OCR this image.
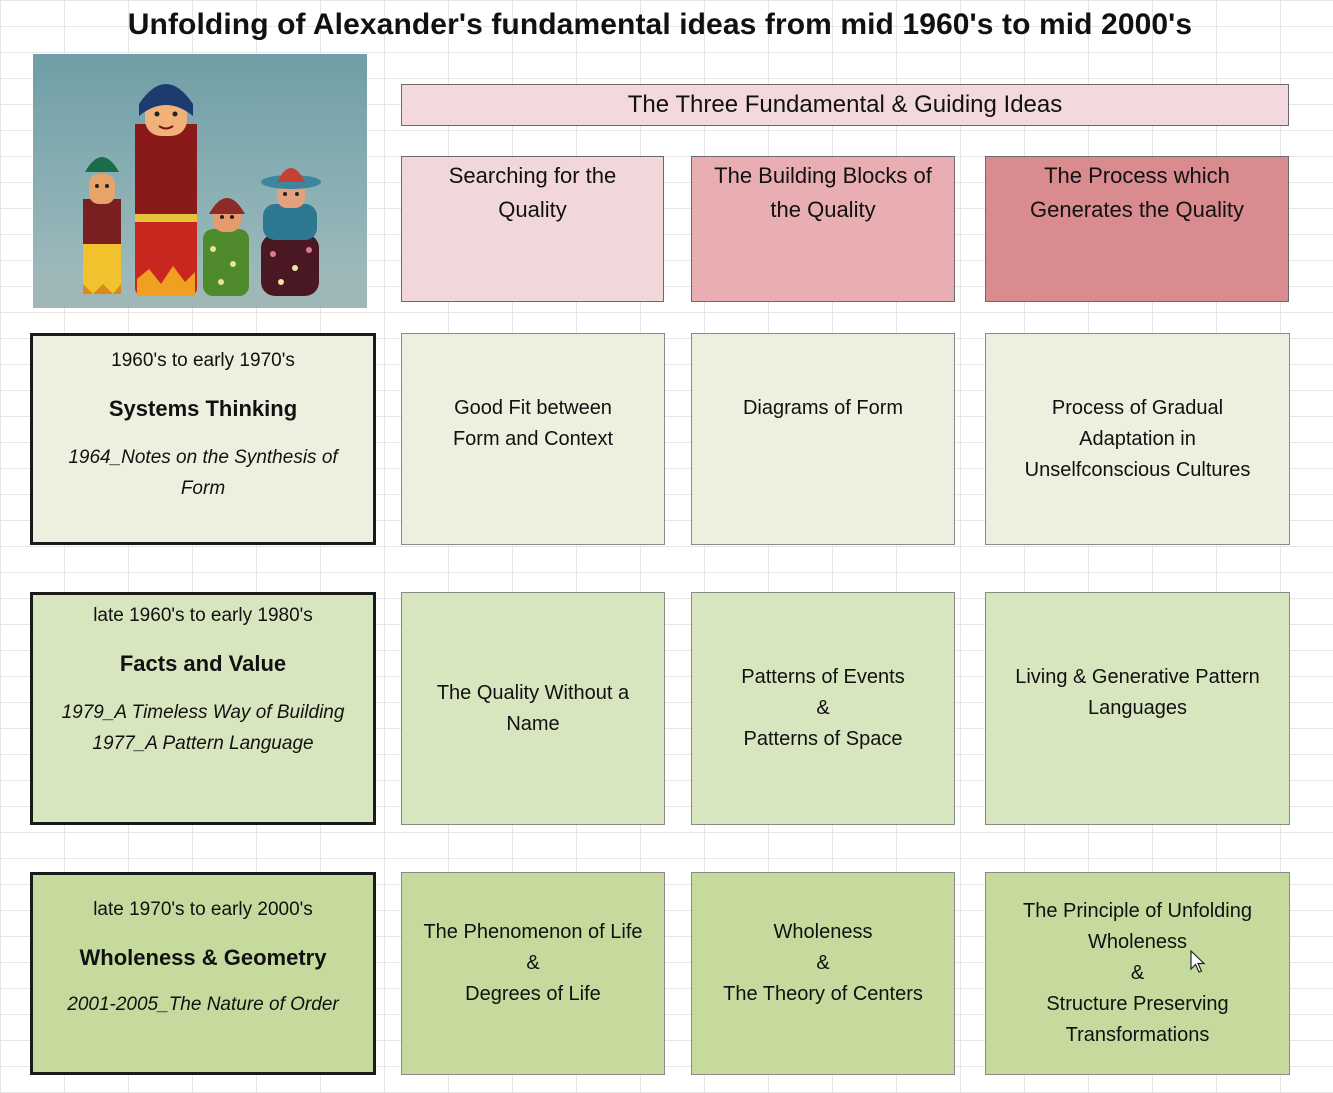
Unfolding of Alexander's fundamental ideas from mid 1960's to mid 2000's
The Three Fundamental & Guiding Ideas
Searching for the
Quality
The Building Blocks of
the Quality
The Process which
Generates the Quality
1960's to early 1970's
Systems Thinking
1964_Notes on the Synthesis of
Form
Good Fit between
Form and Context
Diagrams of Form	Process of Gradual
Adaptation in
Unselfconscious Cultures
late 1960's to early 1980's
Facts and Value
1979_A Timeless Way of Building
1977_A Pattern Language
The Quality Without a
Name
Patterns of Events
&
Patterns of Space
Living & Generative Pattern
Languages
late 1970's to early 2000's
Wholeness & Geometry
2001-2005_The Nature of Order
The Phenomenon of Life
&
Degrees of Life
Wholeness
&
The Theory of Centers
The Principle of Unfolding
Wholeness
&
Structure Preserving
Transformations
